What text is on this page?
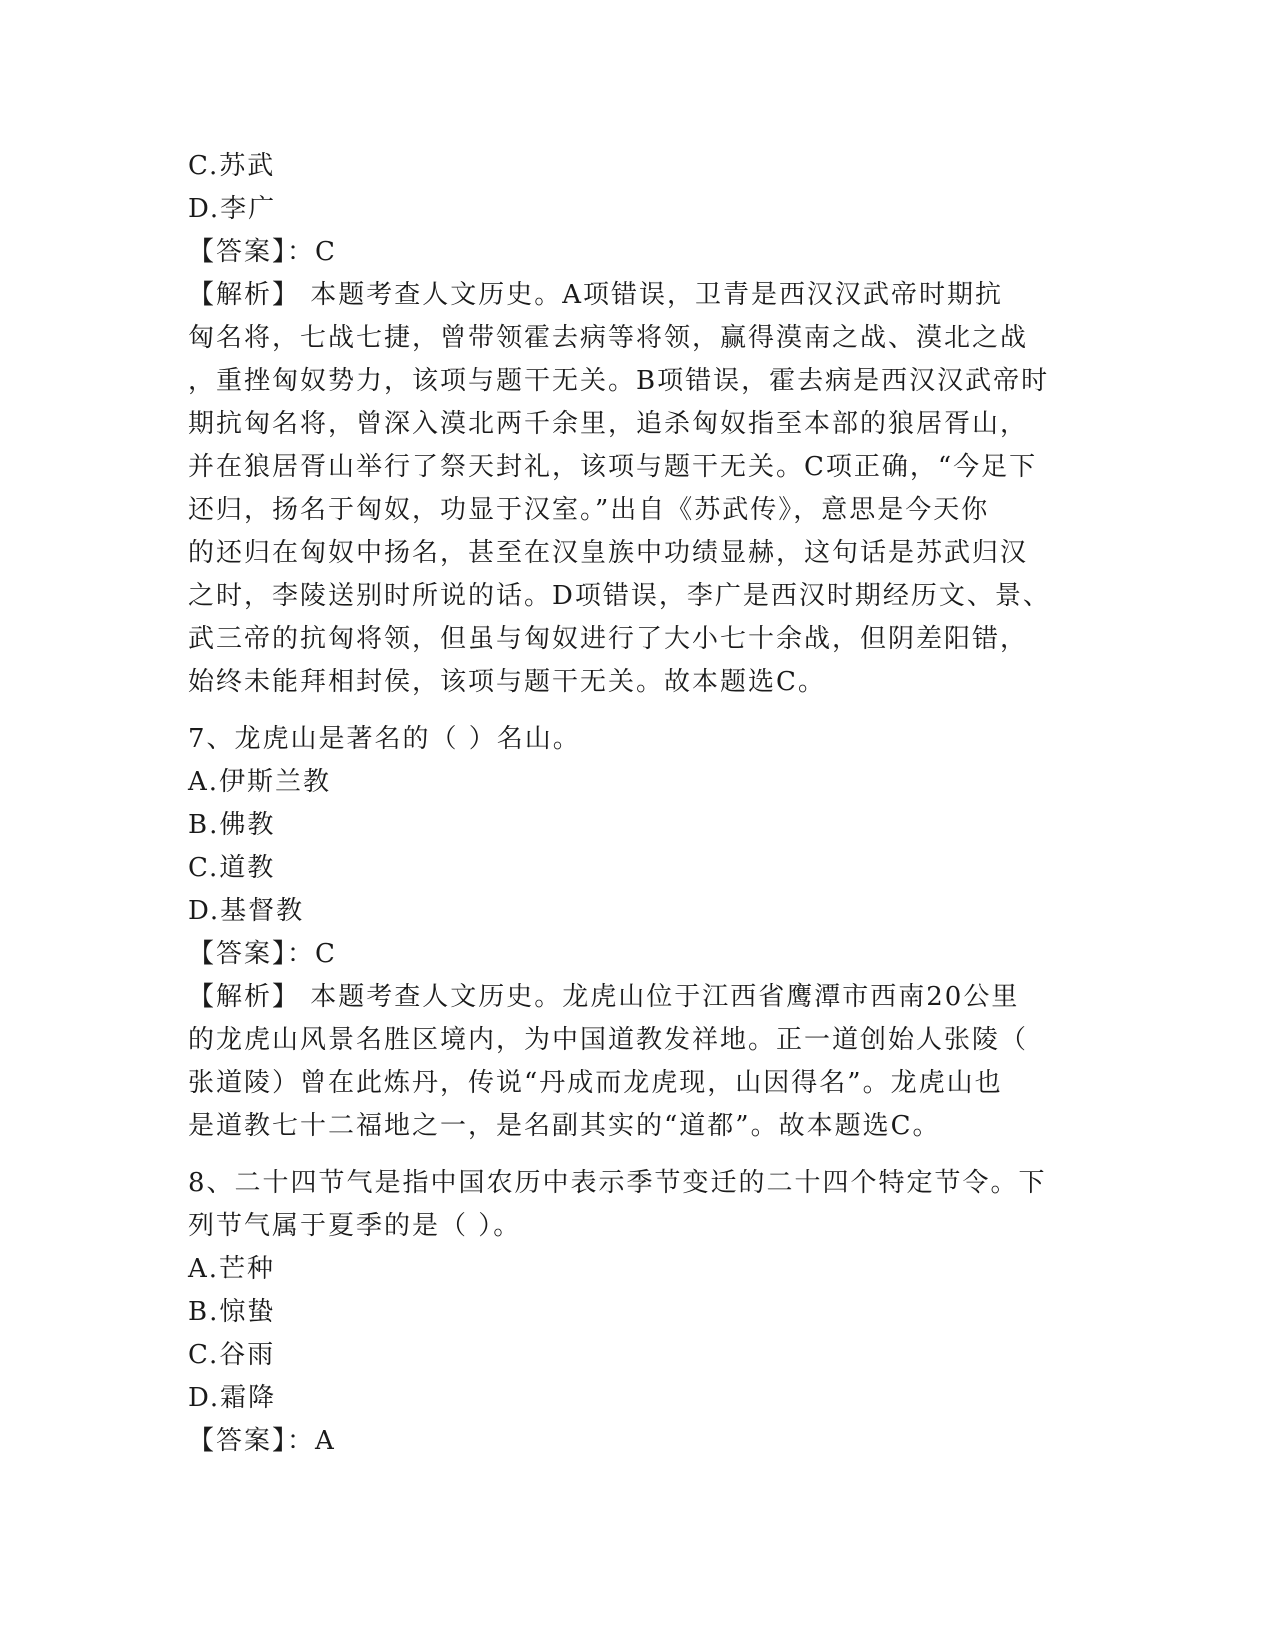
C.苏武
D.李广
【答案】：C
【解析】 本题考查人文历史。A项错误，卫青是西汉汉武帝时期抗
匈名将，七战七捷，曾带领霍去病等将领，赢得漠南之战、漠北之战
，重挫匈奴势力，该项与题干无关。B项错误，霍去病是西汉汉武帝时
期抗匈名将，曾深入漠北两千余里，追杀匈奴指至本部的狼居胥山，
并在狼居胥山举行了祭天封礼，该项与题干无关。C项正确，“今足下
还归，扬名于匈奴，功显于汉室。”出自《苏武传》，意思是今天你
的还归在匈奴中扬名，甚至在汉皇族中功绩显赫，这句话是苏武归汉
之时，李陵送别时所说的话。D项错误，李广是西汉时期经历文、景、
武三帝的抗匈将领，但虽与匈奴进行了大小七十余战，但阴差阳错，
始终未能拜相封侯，该项与题干无关。故本题选C。
7、龙虎山是著名的（ ）名山。
A.伊斯兰教
B.佛教
C.道教
D.基督教
【答案】：C
【解析】 本题考查人文历史。龙虎山位于江西省鹰潭市西南20公里
的龙虎山风景名胜区境内，为中国道教发祥地。正一道创始人张陵（
张道陵）曾在此炼丹，传说“丹成而龙虎现，山因得名”。龙虎山也
是道教七十二福地之一，是名副其实的“道都”。故本题选C。
8、二十四节气是指中国农历中表示季节变迁的二十四个特定节令。下
列节气属于夏季的是（ ）。
A.芒种
B.惊蛰
C.谷雨
D.霜降
【答案】：A
